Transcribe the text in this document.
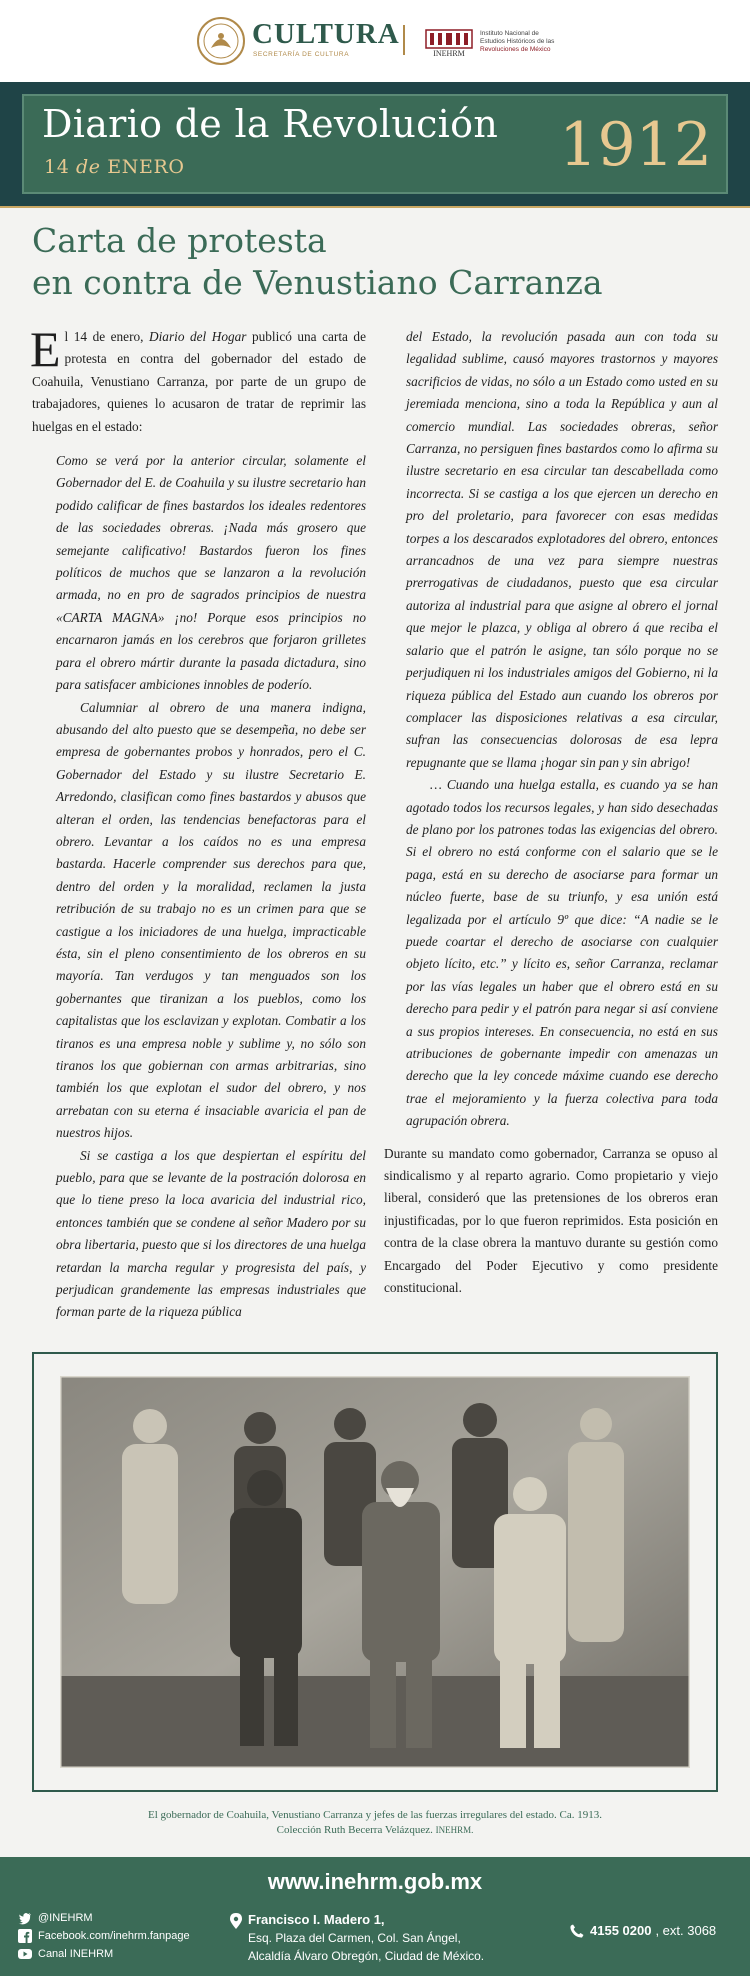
CULTURA
SECRETARÍA DE CULTURA	INEHRM
Instituto Nacional de
Estudios Históricos de las
Revoluciones de México
Diario de la Revolución
14 de ENERO	1912
Carta de protesta
en contra de Venustiano Carranza

El 14 de enero, Diario del Hogar publicó una carta de protesta en contra del gobernador del estado de Coahuila, Venustiano Carranza, por parte de un grupo de trabajadores, quienes lo acusaron de tratar de reprimir las huelgas en el estado:

Como se verá por la anterior circular, solamente el Gobernador del E. de Coahuila y su ilustre secretario han podido calificar de fines bastardos los ideales redentores de las sociedades obreras. ¡Nada más grosero que semejante calificativo! Bastardos fueron los fines políticos de muchos que se lanzaron a la revolución armada, no en pro de sagrados principios de nuestra «CARTA MAGNA» ¡no! Porque esos principios no encarnaron jamás en los cerebros que forjaron grilletes para el obrero mártir durante la pasada dictadura, sino para satisfacer ambiciones innobles de poderío.

Calumniar al obrero de una manera indigna, abusando del alto puesto que se desempeña, no debe ser empresa de gobernantes probos y honrados, pero el C. Gobernador del Estado y su ilustre Secretario E. Arredondo, clasifican como fines bastardos y abusos que alteran el orden, las tendencias benefactoras para el obrero. Levantar a los caídos no es una empresa bastarda. Hacerle comprender sus derechos para que, dentro del orden y la moralidad, reclamen la justa retribución de su trabajo no es un crimen para que se castigue a los iniciadores de una huelga, impracticable ésta, sin el pleno consentimiento de los obreros en su mayoría. Tan verdugos y tan menguados son los gobernantes que tiranizan a los pueblos, como los capitalistas que los esclavizan y explotan. Combatir a los tiranos es una empresa noble y sublime y, no sólo son tiranos los que gobiernan con armas arbitrarias, sino también los que explotan el sudor del obrero, y nos arrebatan con su eterna é insaciable avaricia el pan de nuestros hijos.

Si se castiga a los que despiertan el espíritu del pueblo, para que se levante de la postración dolorosa en que lo tiene preso la loca avaricia del industrial rico, entonces también que se condene al señor Madero por su obra libertaria, puesto que si los directores de una huelga retardan la marcha regular y progresista del país, y perjudican grandemente las empresas industriales que forman parte de la riqueza pública

del Estado, la revolución pasada aun con toda su legalidad sublime, causó mayores trastornos y mayores sacrificios de vidas, no sólo a un Estado como usted en su jeremiada menciona, sino a toda la República y aun al comercio mundial. Las sociedades obreras, señor Carranza, no persiguen fines bastardos como lo afirma su ilustre secretario en esa circular tan descabellada como incorrecta. Si se castiga a los que ejercen un derecho en pro del proletario, para favorecer con esas medidas torpes a los descarados explotadores del obrero, entonces arrancadnos de una vez para siempre nuestras prerrogativas de ciudadanos, puesto que esa circular autoriza al industrial para que asigne al obrero el jornal que mejor le plazca, y obliga al obrero á que reciba el salario que el patrón le asigne, tan sólo porque no se perjudiquen ni los industriales amigos del Gobierno, ni la riqueza pública del Estado aun cuando los obreros por complacer las disposiciones relativas a esa circular, sufran las consecuencias dolorosas de esa lepra repugnante que se llama ¡hogar sin pan y sin abrigo!

… Cuando una huelga estalla, es cuando ya se han agotado todos los recursos legales, y han sido desechadas de plano por los patrones todas las exigencias del obrero. Si el obrero no está conforme con el salario que se le paga, está en su derecho de asociarse para formar un núcleo fuerte, base de su triunfo, y esa unión está legalizada por el artículo 9º que dice: “A nadie se le puede coartar el derecho de asociarse con cualquier objeto lícito, etc.” y lícito es, señor Carranza, reclamar por las vías legales un haber que el obrero está en su derecho para pedir y el patrón para negar si así conviene a sus propios intereses. En consecuencia, no está en sus atribuciones de gobernante impedir con amenazas un derecho que la ley concede máxime cuando ese derecho trae el mejoramiento y la fuerza colectiva para toda agrupación obrera.

Durante su mandato como gobernador, Carranza se opuso al sindicalismo y al reparto agrario. Como propietario y viejo liberal, consideró que las pretensiones de los obreros eran injustificadas, por lo que fueron reprimidos. Esta posición en contra de la clase obrera la mantuvo durante su gestión como Encargado del Poder Ejecutivo y como presidente constitucional.

El gobernador de Coahuila, Venustiano Carranza y jefes de las fuerzas irregulares del estado. Ca. 1913.
Colección Ruth Becerra Velázquez. INEHRM.
www.inehrm.gob.mx
@INEHRM
Facebook.com/inehrm.fanpage
Canal INEHRM
Francisco I. Madero 1,
Esq. Plaza del Carmen, Col. San Ángel,
Alcaldía Álvaro Obregón, Ciudad de México.
4155 0200 , ext. 3068
